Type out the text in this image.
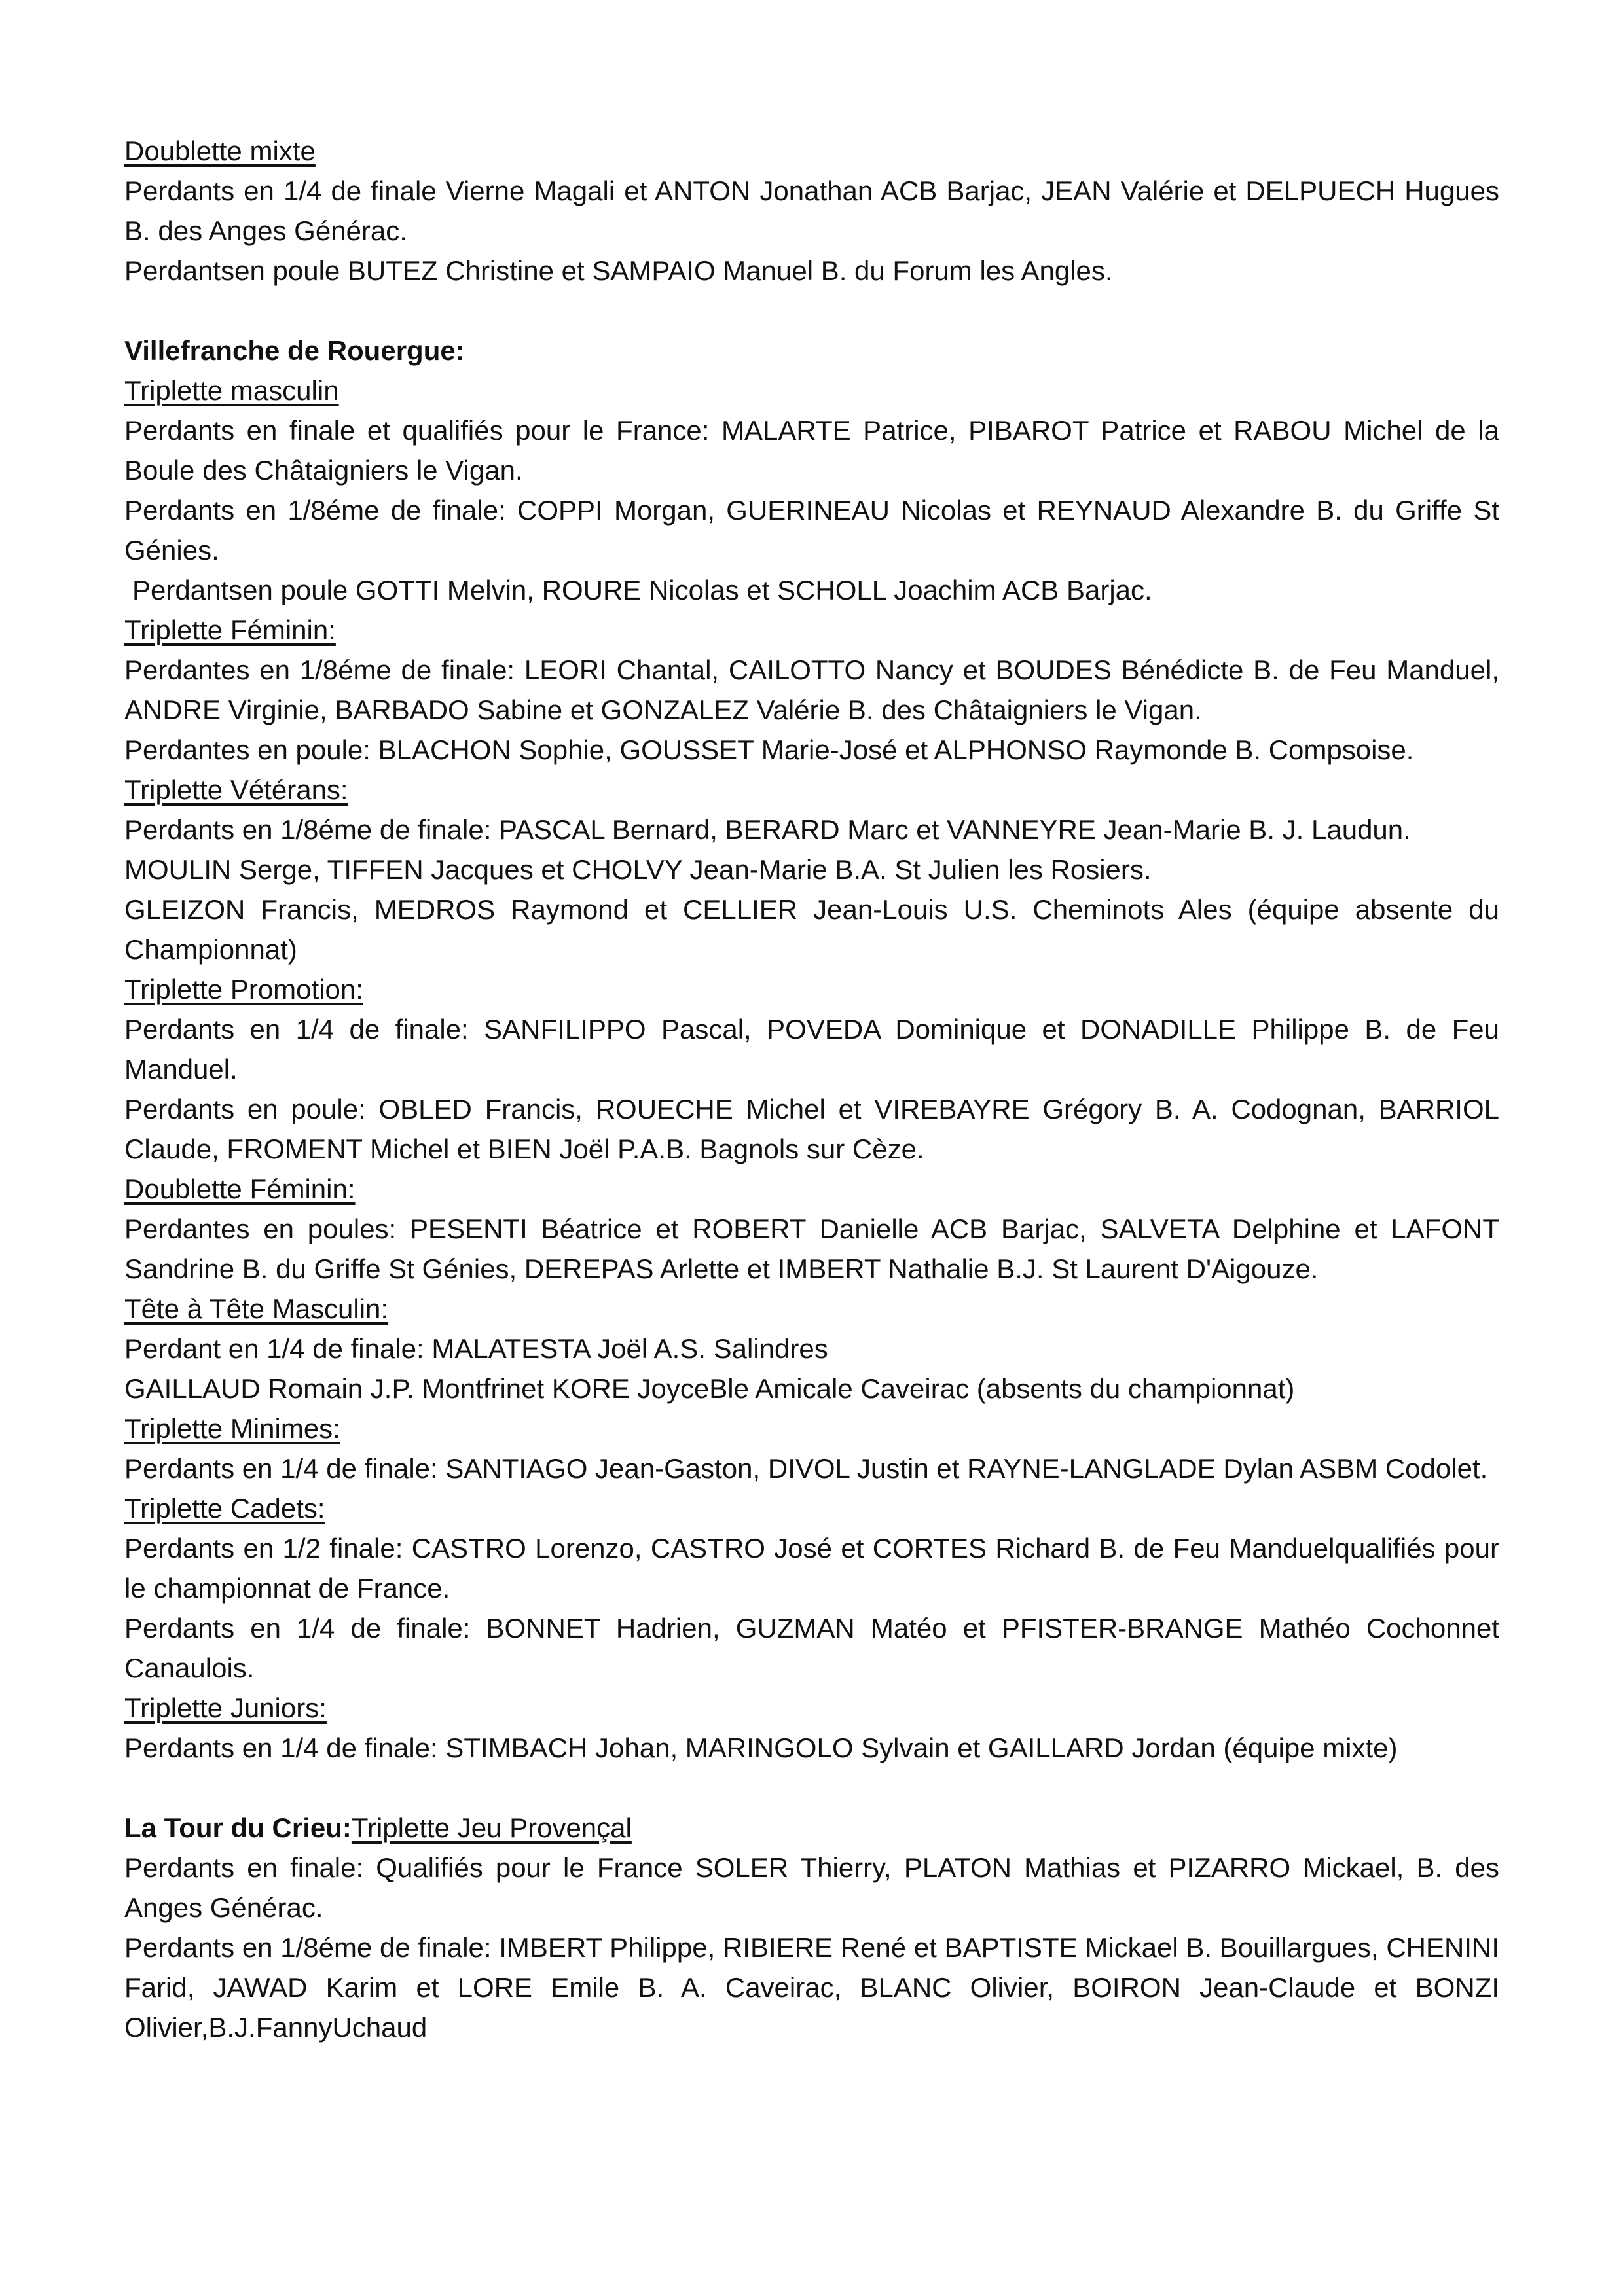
Doublette mixte

Perdants en 1/4 de finale Vierne Magali et ANTON Jonathan ACB Barjac, JEAN Valérie et DELPUECH Hugues B. des Anges Générac.

Perdantsen poule BUTEZ Christine et SAMPAIO Manuel B. du Forum les Angles.

Villefranche de Rouergue:

Triplette masculin

Perdants en finale et qualifiés pour le France: MALARTE Patrice, PIBAROT Patrice et RABOU Michel de la Boule des Châtaigniers le Vigan.

Perdants en 1/8éme de finale: COPPI Morgan, GUERINEAU Nicolas et REYNAUD Alexandre B. du Griffe St Génies.

Perdantsen poule GOTTI Melvin, ROURE Nicolas et SCHOLL Joachim ACB Barjac.

Triplette Féminin:

Perdantes en 1/8éme de finale: LEORI Chantal, CAILOTTO Nancy et BOUDES Bénédicte B. de Feu Manduel, ANDRE Virginie, BARBADO Sabine et GONZALEZ Valérie B. des Châtaigniers le Vigan.

Perdantes en poule: BLACHON Sophie, GOUSSET Marie-José et ALPHONSO Raymonde B. Compsoise.

Triplette Vétérans:

Perdants en 1/8éme de finale: PASCAL Bernard, BERARD Marc et VANNEYRE Jean-Marie B. J. Laudun.

MOULIN Serge, TIFFEN Jacques et CHOLVY Jean-Marie B.A. St Julien les Rosiers.

GLEIZON Francis, MEDROS Raymond et CELLIER Jean-Louis U.S. Cheminots Ales (équipe absente du Championnat)

Triplette Promotion:

Perdants en 1/4 de finale: SANFILIPPO Pascal, POVEDA Dominique et DONADILLE Philippe B. de Feu Manduel.

Perdants en poule: OBLED Francis, ROUECHE Michel et VIREBAYRE Grégory B. A. Codognan, BARRIOL Claude, FROMENT Michel et BIEN Joël P.A.B. Bagnols sur Cèze.

Doublette Féminin:

Perdantes en poules: PESENTI Béatrice et ROBERT Danielle ACB Barjac, SALVETA Delphine et LAFONT Sandrine B. du Griffe St Génies, DEREPAS Arlette et IMBERT Nathalie B.J. St Laurent D'Aigouze.

Tête à Tête Masculin:

Perdant en 1/4 de finale: MALATESTA Joël A.S. Salindres

GAILLAUD Romain J.P. Montfrinet KORE JoyceBle Amicale Caveirac (absents du championnat)

Triplette Minimes:

Perdants en 1/4 de finale: SANTIAGO Jean-Gaston, DIVOL Justin et RAYNE-LANGLADE Dylan ASBM Codolet.

Triplette Cadets:

Perdants en 1/2 finale: CASTRO Lorenzo, CASTRO José et CORTES Richard B. de Feu Manduelqualifiés pour le championnat de France.

Perdants en 1/4 de finale: BONNET Hadrien, GUZMAN Matéo et PFISTER-BRANGE Mathéo Cochonnet Canaulois.

Triplette Juniors:

Perdants en 1/4 de finale: STIMBACH Johan, MARINGOLO Sylvain et GAILLARD Jordan (équipe mixte)

La Tour du Crieu:Triplette Jeu Provençal

Perdants en finale: Qualifiés pour le France SOLER Thierry, PLATON Mathias et PIZARRO Mickael, B. des Anges Générac.

Perdants en 1/8éme de finale: IMBERT Philippe, RIBIERE René et BAPTISTE Mickael B. Bouillargues, CHENINI Farid, JAWAD Karim et LORE Emile B. A. Caveirac, BLANC Olivier, BOIRON Jean-Claude et BONZI Olivier,B.J.FannyUchaud
